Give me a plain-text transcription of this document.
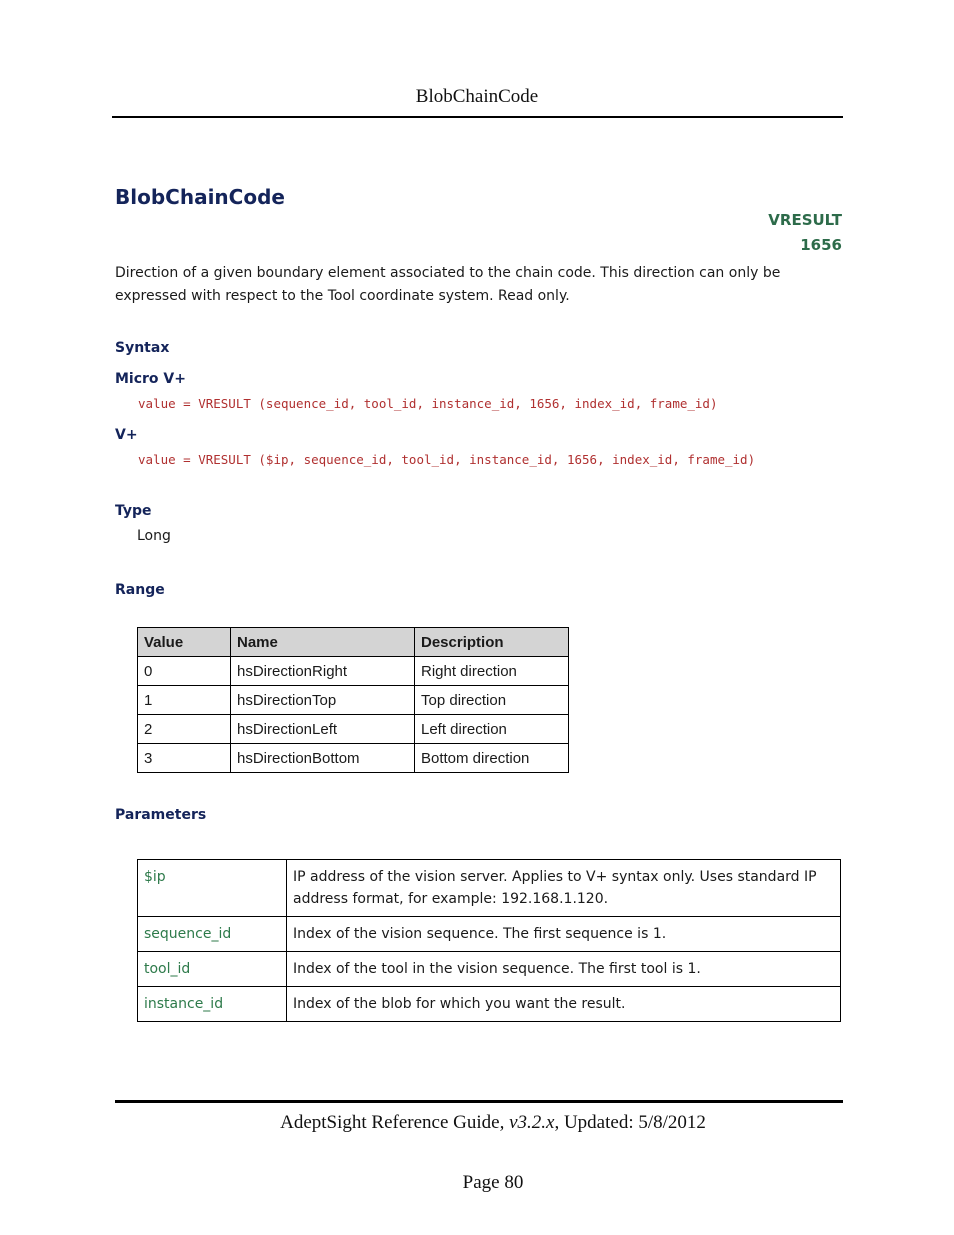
BlobChainCode
BlobChainCode
VRESULT
1656
Direction of a given boundary element associated to the chain code. This direction can only be expressed with respect to the Tool coordinate system. Read only.
Syntax
Micro V+
value = VRESULT (sequence_id, tool_id, instance_id, 1656, index_id, frame_id)
V+
value = VRESULT ($ip, sequence_id, tool_id, instance_id, 1656, index_id, frame_id)
Type
Long
Range
Value	Name	Description
0	hsDirectionRight	Right direction
1	hsDirectionTop	Top direction
2	hsDirectionLeft	Left direction
3	hsDirectionBottom	Bottom direction
Parameters
$ip	IP address of the vision server. Applies to V+ syntax only. Uses standard IP address format, for example: 192.168.1.120.
sequence_id	Index of the vision sequence. The first sequence is 1.
tool_id	Index of the tool in the vision sequence. The first tool is 1.
instance_id	Index of the blob for which you want the result.
AdeptSight Reference Guide, v3.2.x, Updated: 5/8/2012
Page 80
